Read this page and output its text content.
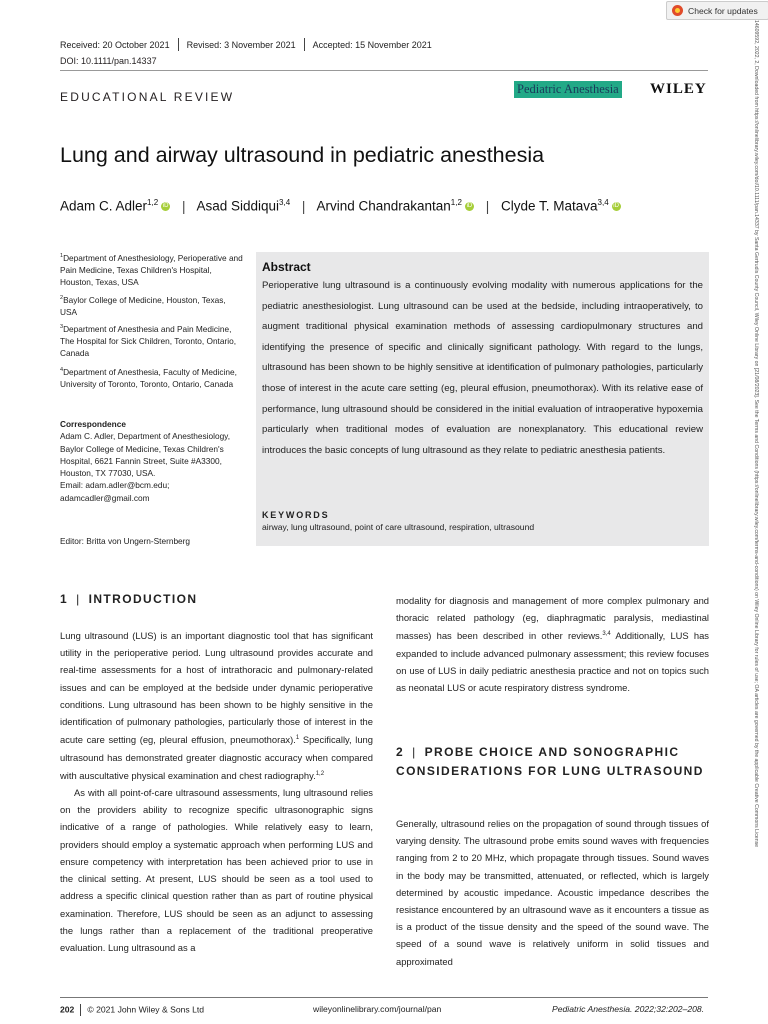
Check for updates
14609592, 2022, 2, Downloaded from https://onlinelibrary.wiley.com/doi/10.1111/pan.14337 by Santa Gertrudis County Council, Wiley Online Library on [21/08/2023]. See the Terms and Conditions (https://onlinelibrary.wiley.com/terms-and-conditions) on Wiley Online Library for rules of use; OA articles are governed by the applicable Creative Commons License
Received: 20 October 2021 Revised: 3 November 2021 Accepted: 15 November 2021
DOI: 10.1111/pan.14337
EDUCATIONAL REVIEW
Pediatric Anesthesia WILEY
Lung and airway ultrasound in pediatric anesthesia
Adam C. Adler$^{1,2}$ iD | Asad Siddiqui$^{3,4}$ | Arvind Chandrakantan$^{1,2}$ iD | Clyde T. Matava$^{3,4}$ iD
$^1$Department of Anesthesiology, Perioperative and Pain Medicine, Texas Children's Hospital, Houston, Texas, USA
$^2$Baylor College of Medicine, Houston, Texas, USA
$^3$Department of Anesthesia and Pain Medicine, The Hospital for Sick Children, Toronto, Ontario, Canada
$^4$Department of Anesthesia, Faculty of Medicine, University of Toronto, Toronto, Ontario, Canada
Correspondence
Adam C. Adler, Department of Anesthesiology, Baylor College of Medicine, Texas Children's Hospital, 6621 Fannin Street, Suite #A3300, Houston, TX 77030, USA.
Email: adam.adler@bcm.edu; adamcadler@gmail.com
Editor: Britta von Ungern-Sternberg
Abstract
Perioperative lung ultrasound is a continuously evolving modality with numerous applications for the pediatric anesthesiologist. Lung ultrasound can be used at the bedside, including intraoperatively, to augment traditional physical examination methods of assessing cardiopulmonary structures and identifying the presence of specific and clinically significant pathology. With regard to the lungs, ultrasound has been shown to be highly sensitive at identification of pulmonary pathologies, particularly those of interest in the acute care setting (eg, pleural effusion, pneumothorax). With its relative ease of performance, lung ultrasound should be considered in the initial evaluation of intraoperative hypoxemia particularly when traditional modes of evaluation are nonexplanatory. This educational review introduces the basic concepts of lung ultrasound as they relate to pediatric anesthesia patients.
KEYWORDS
airway, lung ultrasound, point of care ultrasound, respiration, ultrasound
1 | INTRODUCTION

Lung ultrasound (LUS) is an important diagnostic tool that has significant utility in the perioperative period. Lung ultrasound provides accurate and real-time assessments for a host of intrathoracic and pulmonary-related issues and can be employed at the bedside under dynamic perioperative conditions. Lung ultrasound has been shown to be highly sensitive in the identification of pulmonary pathologies, particularly those of interest in the acute care setting (eg, pleural effusion, pneumothorax).$^1$ Specifically, lung ultrasound has demonstrated greater diagnostic accuracy when compared with auscultative physical examination and chest radiography.$^{1,2}$

As with all point-of-care ultrasound assessments, lung ultrasound relies on the providers ability to recognize specific ultrasonographic signs indicative of a range of pathologies. While relatively easy to learn, providers should employ a systematic approach when performing LUS and ensure competency with interpretation has been achieved prior to use in the clinical setting. At present, LUS should be seen as a tool used to address a specific clinical question rather than as part of routine physical examination. Therefore, LUS should be seen as an adjunct to assessing the lungs rather than a replacement of the traditional preoperative evaluation. Lung ultrasound as a

modality for diagnosis and management of more complex pulmonary and thoracic related pathology (eg, diaphragmatic paralysis, mediastinal masses) has been described in other reviews.$^{3,4}$ Additionally, LUS has expanded to include advanced pulmonary assessment; this review focuses on use of LUS in daily pediatric anesthesia practice and not on topics such as neonatal LUS or acute respiratory distress syndrome.

2 | PROBE CHOICE AND SONOGRAPHIC CONSIDERATIONS FOR LUNG ULTRASOUND

Generally, ultrasound relies on the propagation of sound through tissues of varying density. The ultrasound probe emits sound waves with frequencies ranging from 2 to 20 MHz, which propagate through tissues. Sound waves in the body may be transmitted, attenuated, or reflected, which is largely determined by acoustic impedance. Acoustic impedance describes the resistance encountered by an ultrasound wave as it encounters a tissue as is a product of the tissue density and the speed of the sound wave. The speed of a sound wave is relatively uniform in solid tissues and approximated

202 © 2021 John Wiley & Sons Ltd	wileyonlinelibrary.com/journal/pan	Pediatric Anesthesia. 2022;32:202–208.
